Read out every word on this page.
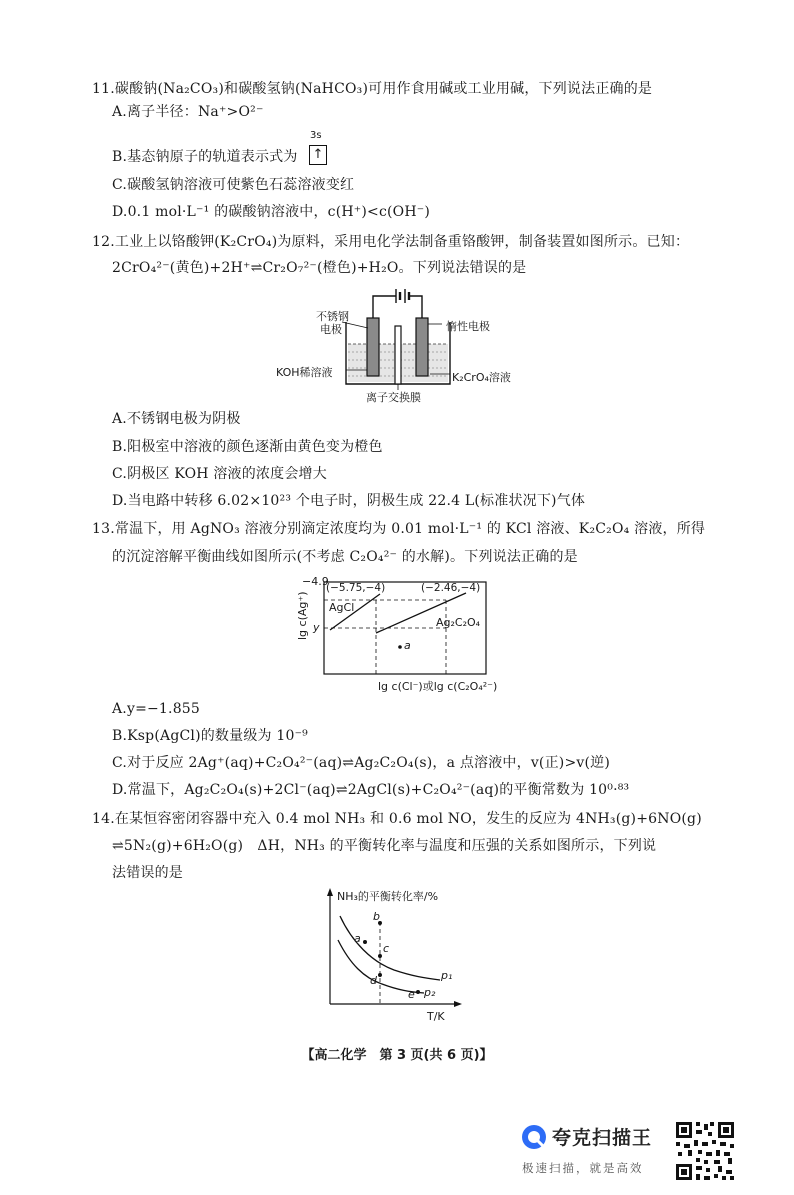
11.碳酸钠(Na₂CO₃)和碳酸氢钠(NaHCO₃)可用作食用碱或工业用碱，下列说法正确的是
A.离子半径：Na⁺>O²⁻
B.基态钠原子的轨道表示式为
3s
↑
C.碳酸氢钠溶液可使紫色石蕊溶液变红
D.0.1 mol·L⁻¹ 的碳酸钠溶液中，c(H⁺)<c(OH⁻)
12.工业上以铬酸钾(K₂CrO₄)为原料，采用电化学法制备重铬酸钾，制备装置如图所示。已知：
2CrO₄²⁻(黄色)+2H⁺⇌Cr₂O₇²⁻(橙色)+H₂O。下列说法错误的是
不锈钢
电极	惰性电极
KOH稀溶液	K₂CrO₄溶液
离子交换膜
A.不锈钢电极为阴极
B.阳极室中溶液的颜色逐渐由黄色变为橙色
C.阴极区 KOH 溶液的浓度会增大
D.当电路中转移 6.02×10²³ 个电子时，阴极生成 22.4 L(标准状况下)气体
13.常温下，用 AgNO₃ 溶液分别滴定浓度均为 0.01 mol·L⁻¹ 的 KCl 溶液、K₂C₂O₄ 溶液，所得
的沉淀溶解平衡曲线如图所示(不考虑 C₂O₄²⁻ 的水解)。下列说法正确的是
−4.9
y
lg c(Ag⁺)
(−5.75,−4)	(−2.46,−4)
AgCl
Ag₂C₂O₄
a
lg c(Cl⁻)或lg c(C₂O₄²⁻)
A.y=−1.855
B.Ksp(AgCl)的数量级为 10⁻⁹
C.对于反应 2Ag⁺(aq)+C₂O₄²⁻(aq)⇌Ag₂C₂O₄(s)，a 点溶液中，v(正)>v(逆)
D.常温下，Ag₂C₂O₄(s)+2Cl⁻(aq)⇌2AgCl(s)+C₂O₄²⁻(aq)的平衡常数为 10⁰·⁸³
14.在某恒容密闭容器中充入 0.4 mol NH₃ 和 0.6 mol NO，发生的反应为 4NH₃(g)+6NO(g)
⇌5N₂(g)+6H₂O(g)　ΔH，NH₃ 的平衡转化率与温度和压强的关系如图所示，下列说
法错误的是
NH₃的平衡转化率/%
T/K
a
b
c
d
e
p₁
p₂
【高二化学　第 3 页(共 6 页)】
夸克扫描王
极速扫描，就是高效
